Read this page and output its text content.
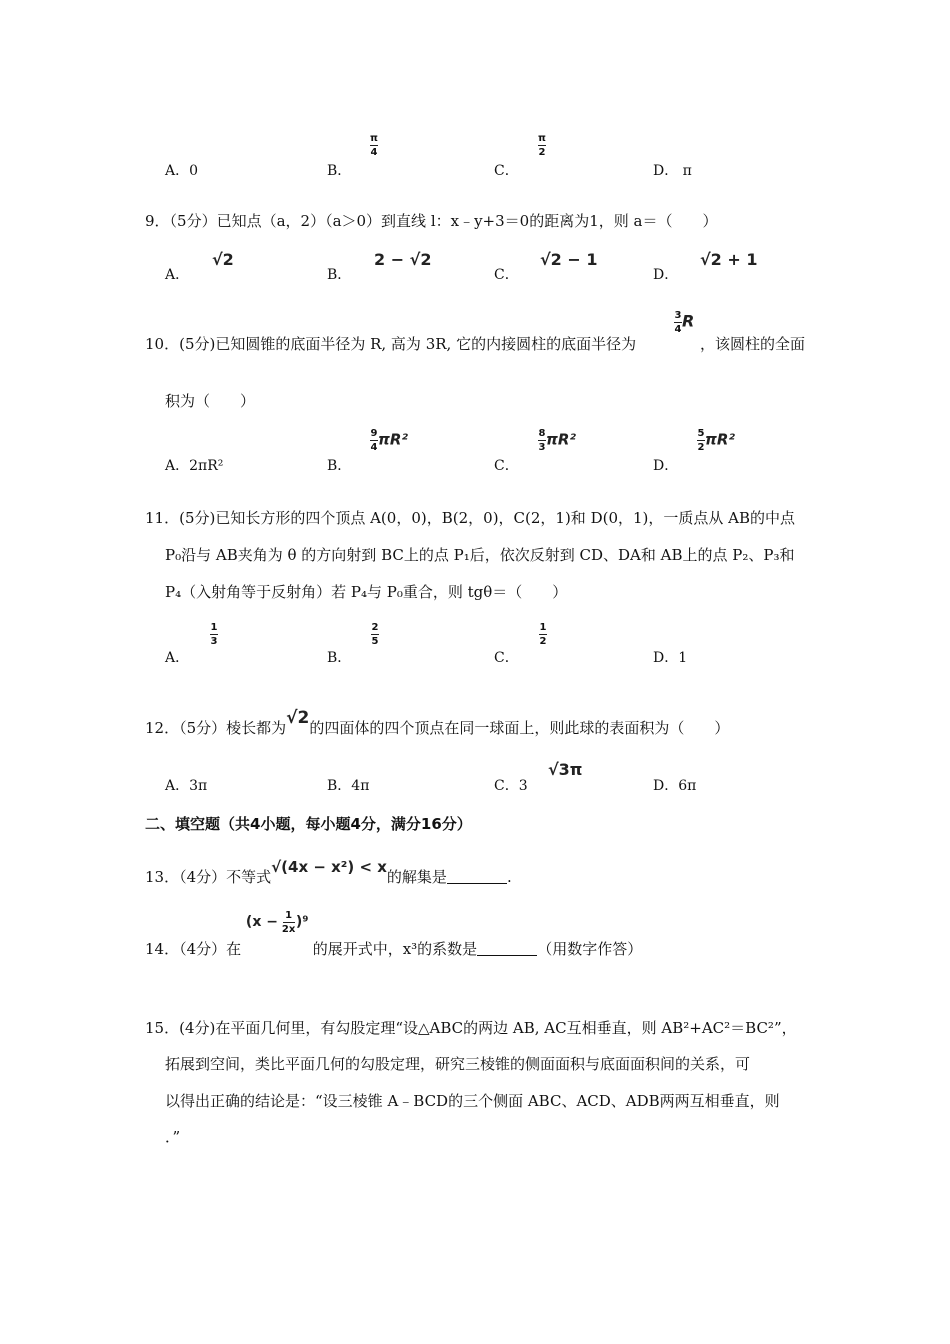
A．0	B．
$\frac{\pi}{4}$
C．
$\frac{\pi}{2}$
D． π
9．（5分）已知点（a，2）（a＞0）到直线 l：x﹣y+3＝0的距离为1，则 a＝（　　）
A．
√2
B．
2 − √2
C．
√2 − 1
D．
√2 + 1
10．(5分)已知圆锥的底面半径为 R, 高为 3R, 它的内接圆柱的底面半径为
$\frac{3}{4}$ R
，该圆柱的全面
积为（　　）
A．2πR²	B．
$\frac{9}{4} \pi R^2$
C．
$\frac{8}{3} \pi R^2$
D．
$\frac{5}{2} \pi R^2$
11．(5分)已知长方形的四个顶点 A(0，0)，B(2，0)，C(2，1)和 D(0，1)，一质点从 AB的中点
P₀沿与 AB夹角为 θ 的方向射到 BC上的点 P₁后，依次反射到 CD、DA和 AB上的点 P₂、P₃和
P₄（入射角等于反射角）若 P₄与 P₀重合，则 tgθ＝（　　）
A．
$\frac{1}{3}$
B．
$\frac{2}{5}$
C．
$\frac{1}{2}$
D．1
12．（5分）棱长都为√2的四面体的四个顶点在同一球面上，则此球的表面积为（　　）
A．3π	B．4π	C．3
√3π
D．6π
二、填空题（共4小题，每小题4分，满分16分）
13．（4分）不等式√(4x − x²) < x的解集是	.
14．（4分）在
(x − 1
2x )⁹
的展开式中，x³的系数是	（用数字作答）
15．(4分)在平面几何里，有勾股定理“设△ABC的两边 AB, AC互相垂直，则 AB²+AC²＝BC²”，
拓展到空间，类比平面几何的勾股定理，研究三棱锥的侧面面积与底面面积间的关系，可
以得出正确的结论是：“设三棱锥 A﹣BCD的三个侧面 ABC、ACD、ADB两两互相垂直，则
．”
